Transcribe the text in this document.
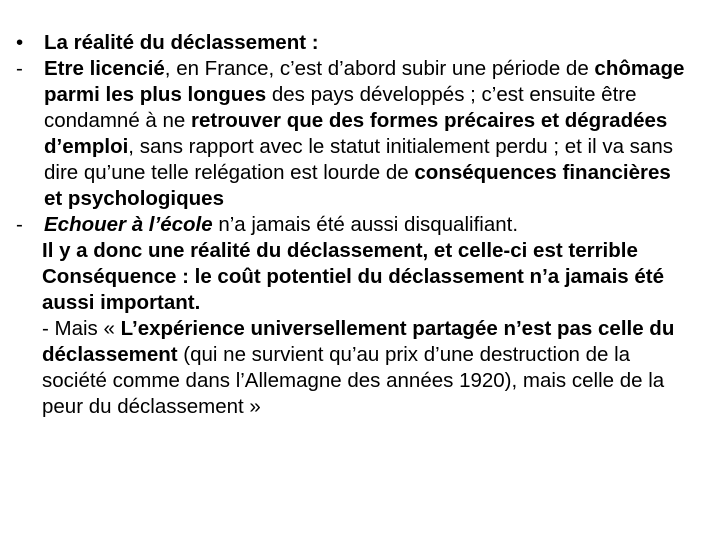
•	La réalité du déclassement :
-	Etre licencié, en France, c’est d’abord subir une période de chômage parmi les plus longues des pays développés ; c’est ensuite être condamné à ne retrouver que des formes précaires et dégradées d’emploi, sans rapport avec le statut initialement perdu ; et il va sans dire qu’une telle relégation est lourde de conséquences financières et psychologiques
-	Echouer à l’école n’a jamais été aussi disqualifiant.
Il y a donc une réalité du déclassement, et celle-ci est terrible
Conséquence : le coût potentiel du déclassement n’a jamais été aussi important.
- Mais « L’expérience universellement partagée n’est pas celle du déclassement (qui ne survient qu’au prix d’une destruction de la société comme dans l’Allemagne des années 1920), mais celle de la peur du déclassement »
